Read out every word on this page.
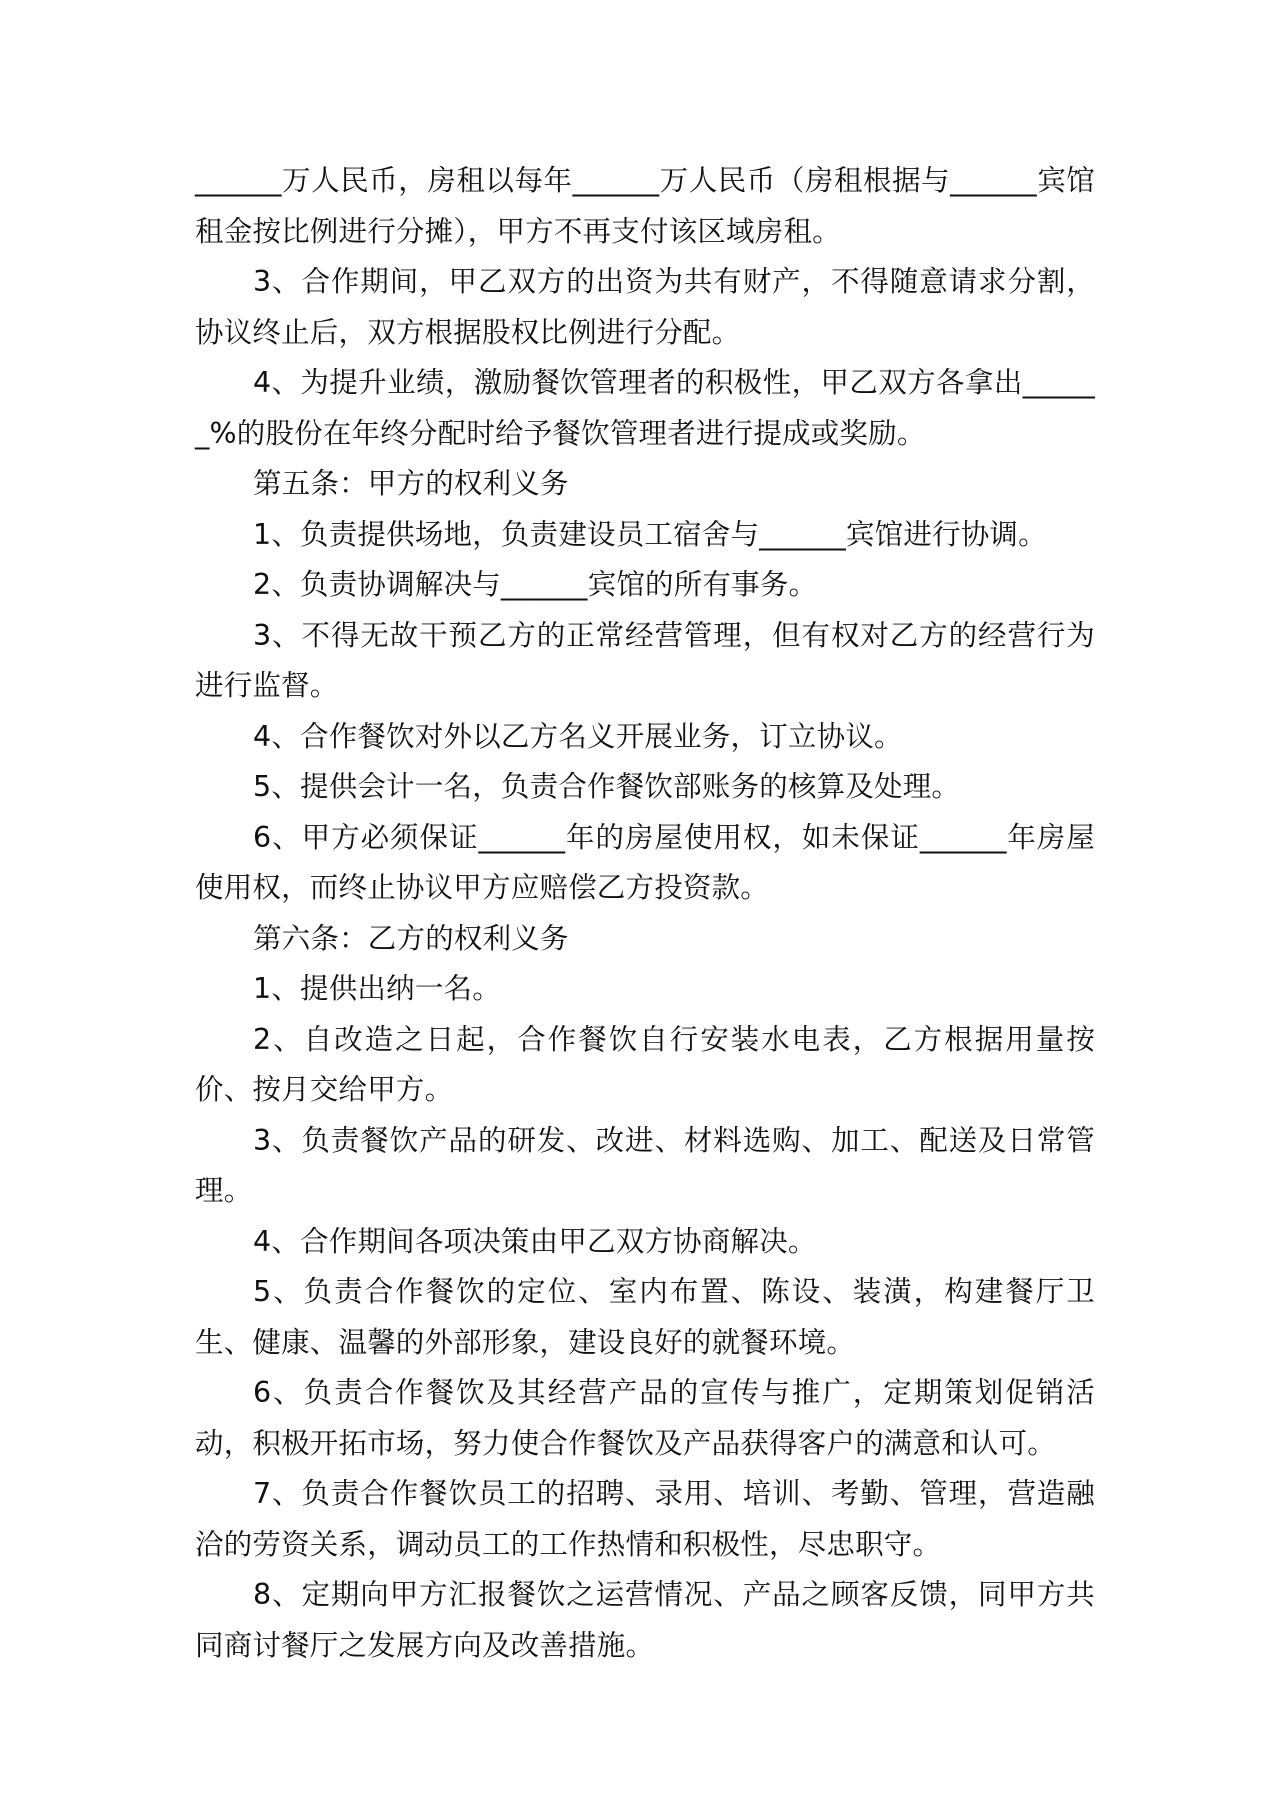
______万人民币，房租以每年______万人民币（房租根据与______宾馆租金按比例进行分摊），甲方不再支付该区域房租。

3、合作期间，甲乙双方的出资为共有财产，不得随意请求分割，协议终止后，双方根据股权比例进行分配。

4、为提升业绩，激励餐饮管理者的积极性，甲乙双方各拿出______%的股份在年终分配时给予餐饮管理者进行提成或奖励。

第五条：甲方的权利义务

1、负责提供场地，负责建设员工宿舍与______宾馆进行协调。

2、负责协调解决与______宾馆的所有事务。

3、不得无故干预乙方的正常经营管理，但有权对乙方的经营行为进行监督。

4、合作餐饮对外以乙方名义开展业务，订立协议。

5、提供会计一名，负责合作餐饮部账务的核算及处理。

6、甲方必须保证______年的房屋使用权，如未保证______年房屋使用权，而终止协议甲方应赔偿乙方投资款。

第六条：乙方的权利义务

1、提供出纳一名。

2、自改造之日起，合作餐饮自行安装水电表，乙方根据用量按价、按月交给甲方。

3、负责餐饮产品的研发、改进、材料选购、加工、配送及日常管理。

4、合作期间各项决策由甲乙双方协商解决。

5、负责合作餐饮的定位、室内布置、陈设、装潢，构建餐厅卫生、健康、温馨的外部形象，建设良好的就餐环境。

6、负责合作餐饮及其经营产品的宣传与推广，定期策划促销活动，积极开拓市场，努力使合作餐饮及产品获得客户的满意和认可。

7、负责合作餐饮员工的招聘、录用、培训、考勤、管理，营造融洽的劳资关系，调动员工的工作热情和积极性，尽忠职守。

8、定期向甲方汇报餐饮之运营情况、产品之顾客反馈，同甲方共同商讨餐厅之发展方向及改善措施。
